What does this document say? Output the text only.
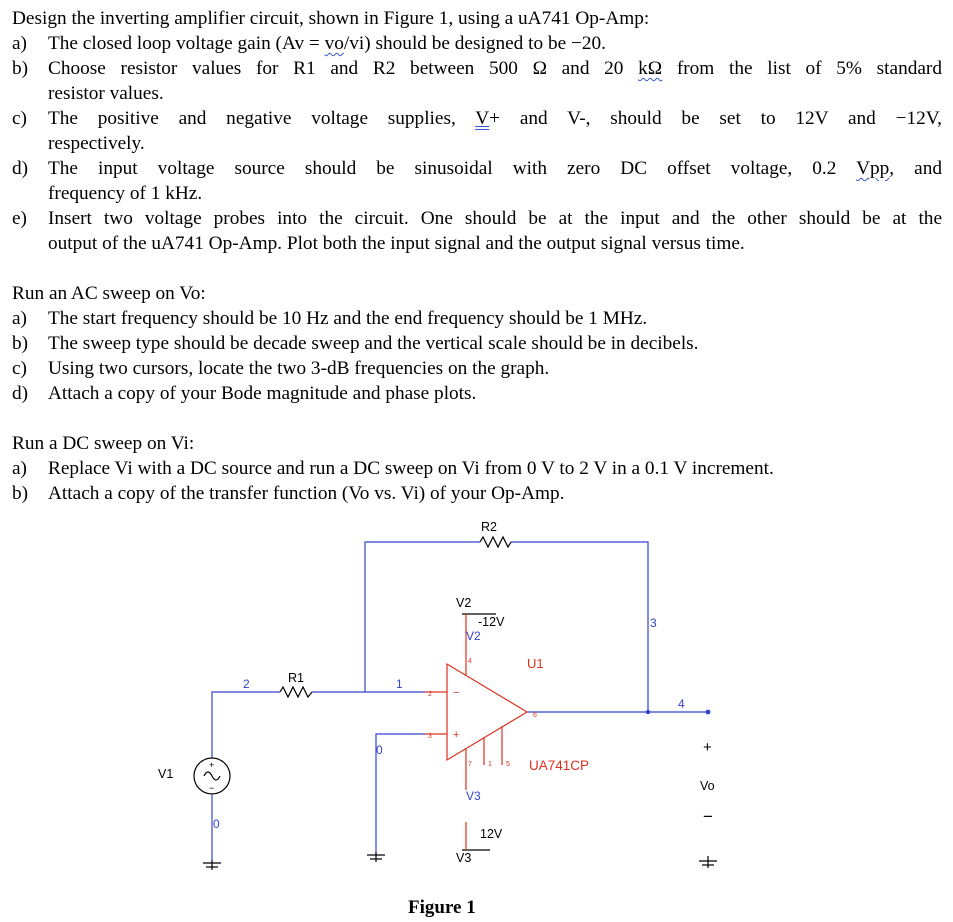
Design the inverting amplifier circuit, shown in Figure 1, using a uA741 Op-Amp:
a)	The closed loop voltage gain (Av = vo/vi) should be designed to be −20.
b)	Choose resistor values for R1 and R2 between 500 Ω and 20 kΩ from the list of 5% standard
resistor values.
c)	The positive and negative voltage supplies, V+ and V-, should be set to 12V and −12V,
respectively.
d)	The input voltage source should be sinusoidal with zero DC offset voltage, 0.2 Vpp, and
frequency of 1 kHz.
e)	Insert two voltage probes into the circuit. One should be at the input and the other should be at the
output of the uA741 Op-Amp. Plot both the input signal and the output signal versus time.
Run an AC sweep on Vo:
a)	The start frequency should be 10 Hz and the end frequency should be 1 MHz.
b)	The sweep type should be decade sweep and the vertical scale should be in decibels.
c)	Using two cursors, locate the two 3-dB frequencies on the graph.
d)	Attach a copy of your Bode magnitude and phase plots.
Run a DC sweep on Vi:
a)	Replace Vi with a DC source and run a DC sweep on Vi from 0 V to 2 V in a 0.1 V increment.
b)	Attach a copy of the transfer function (Vo vs. Vi) of your Op-Amp.
R2
R1
V1
V2
-12V
12V
V3
Vo
+
−
V2
V3
2	1
0
0
3
4
U1
UA741CP
4
2
3
6
7 1 5
−
+
+
−
Figure 1
